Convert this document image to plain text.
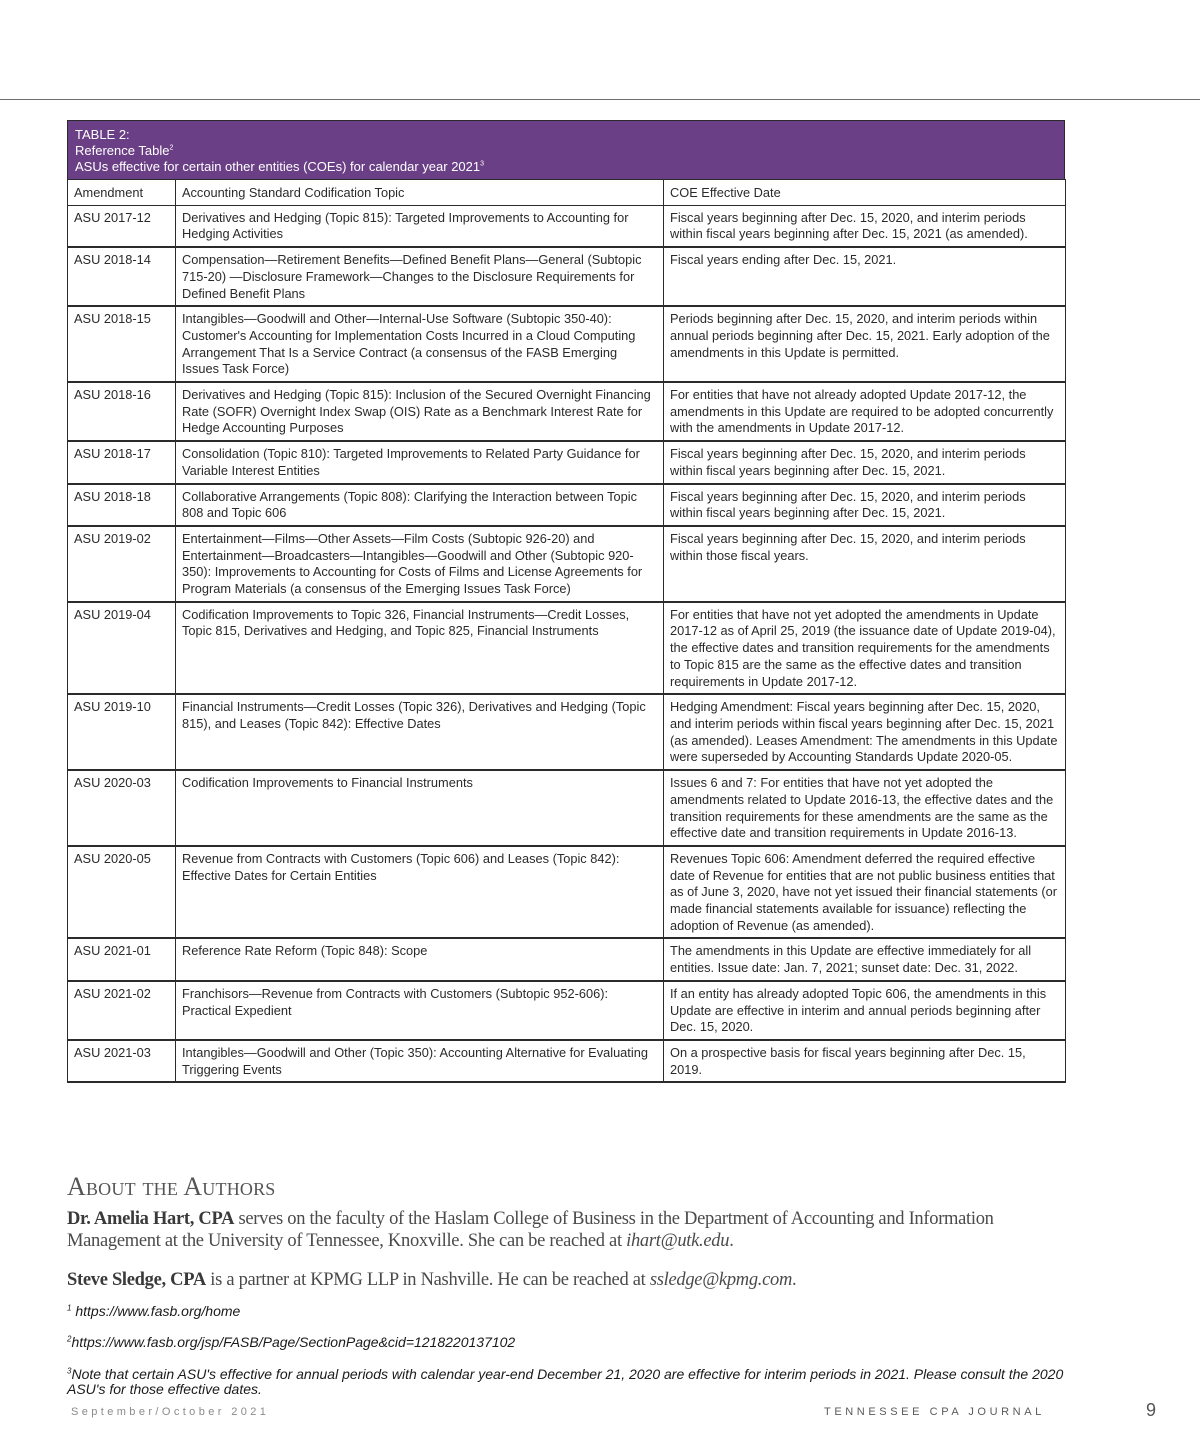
TABLE 2:
Reference Table$^2$
ASUs effective for certain other entities (COEs) for calendar year 2021$^3$
Amendment	Accounting Standard Codification Topic	COE Effective Date
ASU 2017-12	Derivatives and Hedging (Topic 815): Targeted Improvements to Accounting for Hedging Activities	Fiscal years beginning after Dec. 15, 2020, and interim periods within fiscal years beginning after Dec. 15, 2021 (as amended).
ASU 2018-14	Compensation—Retirement Benefits—Defined Benefit Plans—General (Subtopic 715-20) —Disclosure Framework—Changes to the Disclosure Requirements for Defined Benefit Plans	Fiscal years ending after Dec. 15, 2021.
ASU 2018-15	Intangibles—Goodwill and Other—Internal-Use Software (Subtopic 350-40): Customer's Accounting for Implementation Costs Incurred in a Cloud Computing Arrangement That Is a Service Contract (a consensus of the FASB Emerging Issues Task Force)	Periods beginning after Dec. 15, 2020, and interim periods within annual periods beginning after Dec. 15, 2021. Early adoption of the amendments in this Update is permitted.
ASU 2018-16	Derivatives and Hedging (Topic 815): Inclusion of the Secured Overnight Financing Rate (SOFR) Overnight Index Swap (OIS) Rate as a Benchmark Interest Rate for Hedge Accounting Purposes	For entities that have not already adopted Update 2017-12, the amendments in this Update are required to be adopted concurrently with the amendments in Update 2017-12.
ASU 2018-17	Consolidation (Topic 810): Targeted Improvements to Related Party Guidance for Variable Interest Entities	Fiscal years beginning after Dec. 15, 2020, and interim periods within fiscal years beginning after Dec. 15, 2021.
ASU 2018-18	Collaborative Arrangements (Topic 808): Clarifying the Interaction between Topic 808 and Topic 606	Fiscal years beginning after Dec. 15, 2020, and interim periods within fiscal years beginning after Dec. 15, 2021.
ASU 2019-02	Entertainment—Films—Other Assets—Film Costs (Subtopic 926-20) and Entertainment—Broadcasters—Intangibles—Goodwill and Other (Subtopic 920-350): Improvements to Accounting for Costs of Films and License Agreements for Program Materials (a consensus of the Emerging Issues Task Force)	Fiscal years beginning after Dec. 15, 2020, and interim periods within those fiscal years.
ASU 2019-04	Codification Improvements to Topic 326, Financial Instruments—Credit Losses, Topic 815, Derivatives and Hedging, and Topic 825, Financial Instruments	For entities that have not yet adopted the amendments in Update 2017-12 as of April 25, 2019 (the issuance date of Update 2019-04), the effective dates and transition requirements for the amendments to Topic 815 are the same as the effective dates and transition requirements in Update 2017-12.
ASU 2019-10	Financial Instruments—Credit Losses (Topic 326), Derivatives and Hedging (Topic 815), and Leases (Topic 842): Effective Dates	Hedging Amendment: Fiscal years beginning after Dec. 15, 2020, and interim periods within fiscal years beginning after Dec. 15, 2021 (as amended). Leases Amendment: The amendments in this Update were superseded by Accounting Standards Update 2020-05.
ASU 2020-03	Codification Improvements to Financial Instruments	Issues 6 and 7: For entities that have not yet adopted the amendments related to Update 2016-13, the effective dates and the transition requirements for these amendments are the same as the effective date and transition requirements in Update 2016-13.
ASU 2020-05	Revenue from Contracts with Customers (Topic 606) and Leases (Topic 842): Effective Dates for Certain Entities	Revenues Topic 606: Amendment deferred the required effective date of Revenue for entities that are not public business entities that as of June 3, 2020, have not yet issued their financial statements (or made financial statements available for issuance) reflecting the adoption of Revenue (as amended).
ASU 2021-01	Reference Rate Reform (Topic 848): Scope	The amendments in this Update are effective immediately for all entities. Issue date: Jan. 7, 2021; sunset date: Dec. 31, 2022.
ASU 2021-02	Franchisors—Revenue from Contracts with Customers (Subtopic 952-606): Practical Expedient	If an entity has already adopted Topic 606, the amendments in this Update are effective in interim and annual periods beginning after Dec. 15, 2020.
ASU 2021-03	Intangibles—Goodwill and Other (Topic 350): Accounting Alternative for Evaluating Triggering Events	On a prospective basis for fiscal years beginning after Dec. 15, 2019.
About the Authors
Dr. Amelia Hart, CPA serves on the faculty of the Haslam College of Business in the Department of Accounting and Information Management at the University of Tennessee, Knoxville. She can be reached at ihart@utk.edu.
Steve Sledge, CPA is a partner at KPMG LLP in Nashville. He can be reached at ssledge@kpmg.com.
$^1$ https://www.fasb.org/home
$^2$https://www.fasb.org/jsp/FASB/Page/SectionPage&cid=1218220137102
$^3$Note that certain ASU's effective for annual periods with calendar year-end December 21, 2020 are effective for interim periods in 2021. Please consult the 2020 ASU's for those effective dates.
September/October 2021	TENNESSEE CPA JOURNAL	9
